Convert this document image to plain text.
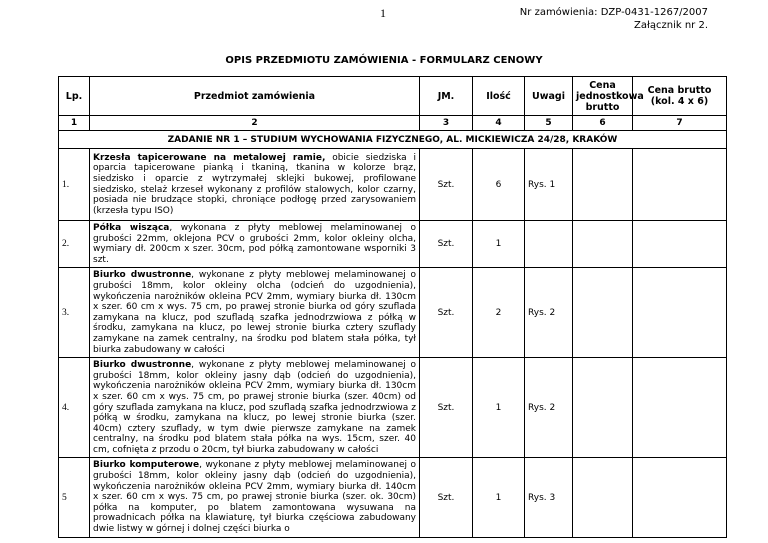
1	Nr zamówienia: DZP-0431-1267/2007
Załącznik nr 2.
OPIS PRZEDMIOTU ZAMÓWIENIA - FORMULARZ CENOWY
Lp.	Przedmiot zamówienia	JM.	Ilość	Uwagi	Cena jednostkowa brutto	Cena brutto (kol. 4 x 6)
1	2	3	4	5	6	7
ZADANIE NR 1 – STUDIUM WYCHOWANIA FIZYCZNEGO, AL. MICKIEWICZA 24/28, KRAKÓW						
1.	Krzesła tapicerowane na metalowej ramie, obicie siedziska i oparcia tapicerowane pianką i tkaniną, tkanina w kolorze brąz, siedzisko i oparcie z wytrzymałej sklejki bukowej, profilowane siedzisko, stelaż krzeseł wykonany z profilów stalowych, kolor czarny, posiada nie brudzące stopki, chroniące podłogę przed zarysowaniem (krzesła typu ISO)	Szt.	6	Rys. 1		
2.	Półka wisząca, wykonana z płyty meblowej melaminowanej o grubości 22mm, oklejona PCV o grubości 2mm, kolor okleiny olcha, wymiary dł. 200cm x szer. 30cm, pod półką zamontowane wsporniki 3 szt.	Szt.	1			
3.	Biurko dwustronne, wykonane z płyty meblowej melaminowanej o grubości 18mm, kolor okleiny olcha (odcień do uzgodnienia), wykończenia narożników okleina PCV 2mm, wymiary biurka dł. 130cm x szer. 60 cm x wys. 75 cm, po prawej stronie biurka od góry szuflada zamykana na klucz, pod szufladą szafka jednodrzwiowa z półką w środku, zamykana na klucz, po lewej stronie biurka cztery szuflady zamykane na zamek centralny, na środku pod blatem stała półka, tył biurka zabudowany w całości	Szt.	2	Rys. 2		
4.	Biurko dwustronne, wykonane z płyty meblowej melaminowanej o grubości 18mm, kolor okleiny jasny dąb (odcień do uzgodnienia), wykończenia narożników okleina PCV 2mm, wymiary biurka dł. 130cm x szer. 60 cm x wys. 75 cm, po prawej stronie biurka (szer. 40cm) od góry szuflada zamykana na klucz, pod szufladą szafka jednodrzwiowa z półką w środku, zamykana na klucz, po lewej stronie biurka (szer. 40cm) cztery szuflady, w tym dwie pierwsze zamykane na zamek centralny, na środku pod blatem stała półka na wys. 15cm, szer. 40 cm, cofnięta z przodu o 20cm, tył biurka zabudowany w całości	Szt.	1	Rys. 2		
5	Biurko komputerowe, wykonane z płyty meblowej melaminowanej o grubości 18mm, kolor okleiny jasny dąb (odcień do uzgodnienia), wykończenia narożników okleina PCV 2mm, wymiary biurka dł. 140cm x szer. 60 cm x wys. 75 cm, po prawej stronie biurka (szer. ok. 30cm) półka na komputer, po blatem zamontowana wysuwana na prowadnicach półka na klawiaturę, tył biurka częściowa zabudowany dwie listwy w górnej i dolnej części biurka o	Szt.	1	Rys. 3		
